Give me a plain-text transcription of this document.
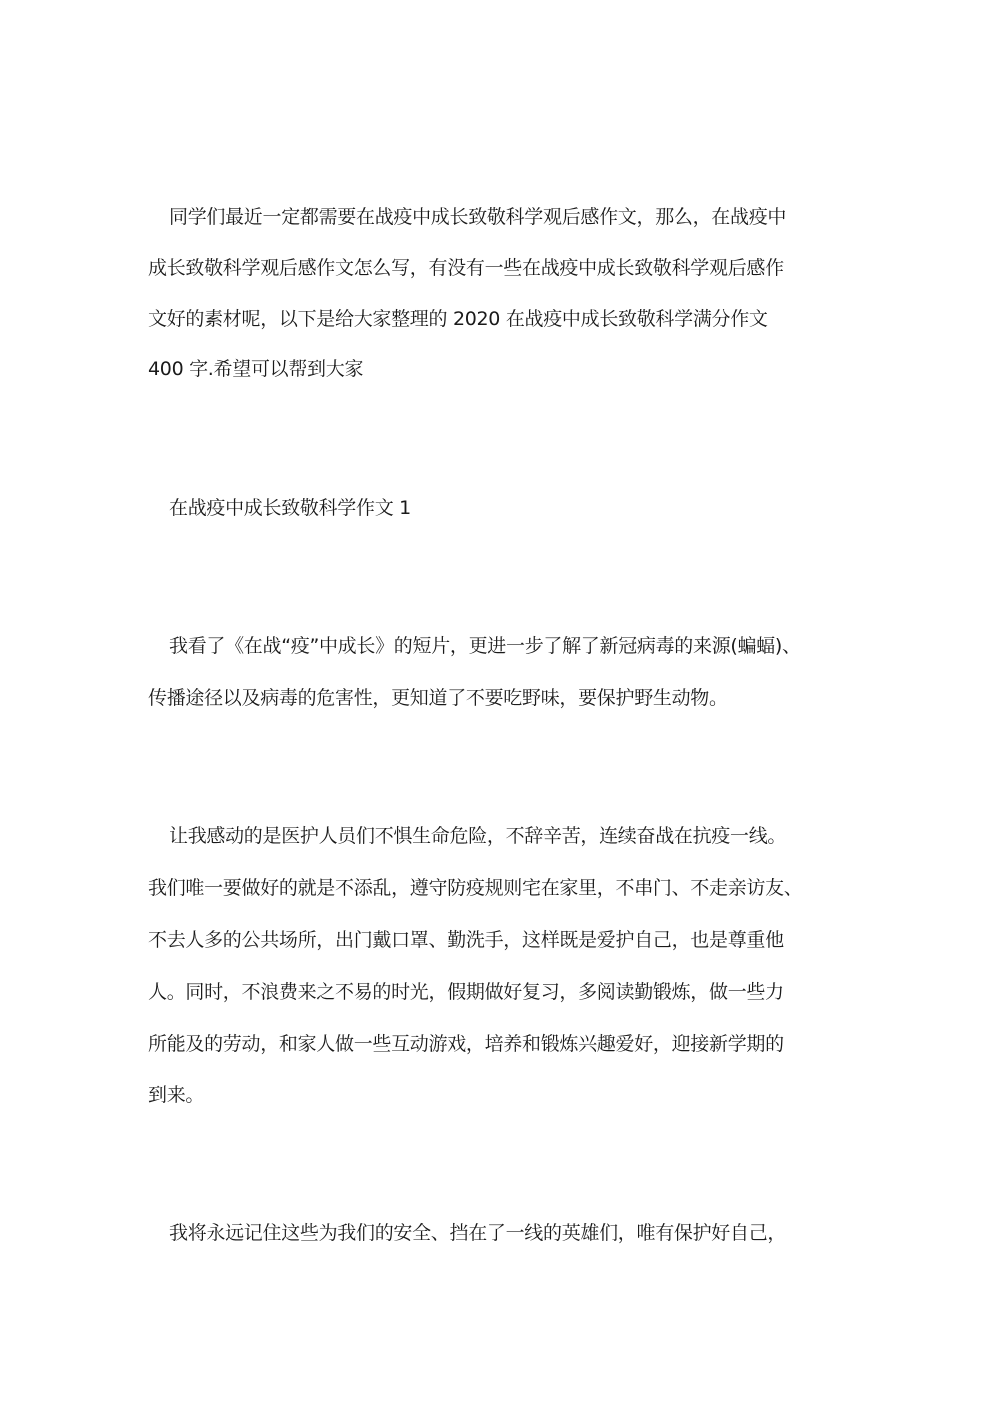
同学们最近一定都需要在战疫中成长致敬科学观后感作文，那么，在战疫中
成长致敬科学观后感作文怎么写，有没有一些在战疫中成长致敬科学观后感作
文好的素材呢，以下是给大家整理的 2020 在战疫中成长致敬科学满分作文
400 字.希望可以帮到大家
在战疫中成长致敬科学作文 1
我看了《在战“疫”中成长》的短片，更进一步了解了新冠病毒的来源(蝙蝠)、
传播途径以及病毒的危害性，更知道了不要吃野味，要保护野生动物。
让我感动的是医护人员们不惧生命危险，不辞辛苦，连续奋战在抗疫一线。
我们唯一要做好的就是不添乱，遵守防疫规则宅在家里，不串门、不走亲访友、
不去人多的公共场所，出门戴口罩、勤洗手，这样既是爱护自己，也是尊重他
人。同时，不浪费来之不易的时光，假期做好复习，多阅读勤锻炼，做一些力
所能及的劳动，和家人做一些互动游戏，培养和锻炼兴趣爱好，迎接新学期的
到来。
我将永远记住这些为我们的安全、挡在了一线的英雄们，唯有保护好自己，
